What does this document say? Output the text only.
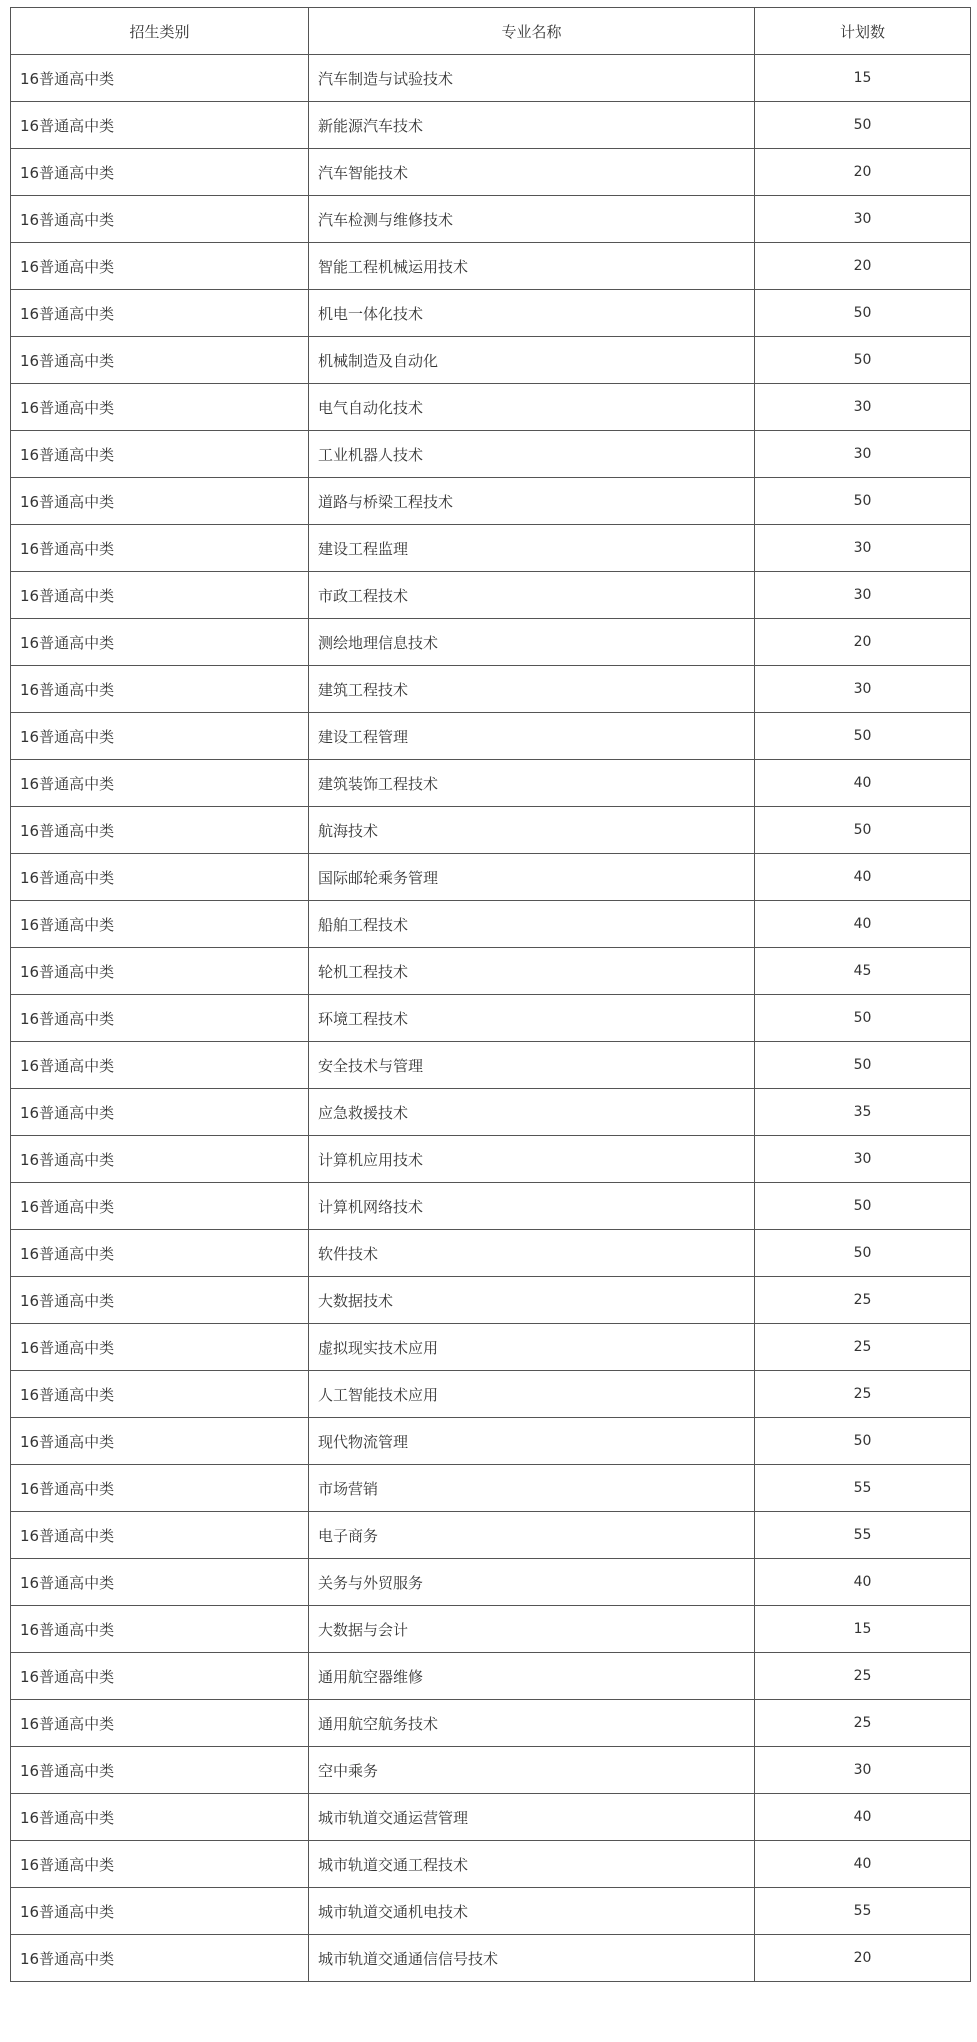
招生类别	专业名称	计划数
16普通高中类	汽车制造与试验技术	15
16普通高中类	新能源汽车技术	50
16普通高中类	汽车智能技术	20
16普通高中类	汽车检测与维修技术	30
16普通高中类	智能工程机械运用技术	20
16普通高中类	机电一体化技术	50
16普通高中类	机械制造及自动化	50
16普通高中类	电气自动化技术	30
16普通高中类	工业机器人技术	30
16普通高中类	道路与桥梁工程技术	50
16普通高中类	建设工程监理	30
16普通高中类	市政工程技术	30
16普通高中类	测绘地理信息技术	20
16普通高中类	建筑工程技术	30
16普通高中类	建设工程管理	50
16普通高中类	建筑装饰工程技术	40
16普通高中类	航海技术	50
16普通高中类	国际邮轮乘务管理	40
16普通高中类	船舶工程技术	40
16普通高中类	轮机工程技术	45
16普通高中类	环境工程技术	50
16普通高中类	安全技术与管理	50
16普通高中类	应急救援技术	35
16普通高中类	计算机应用技术	30
16普通高中类	计算机网络技术	50
16普通高中类	软件技术	50
16普通高中类	大数据技术	25
16普通高中类	虚拟现实技术应用	25
16普通高中类	人工智能技术应用	25
16普通高中类	现代物流管理	50
16普通高中类	市场营销	55
16普通高中类	电子商务	55
16普通高中类	关务与外贸服务	40
16普通高中类	大数据与会计	15
16普通高中类	通用航空器维修	25
16普通高中类	通用航空航务技术	25
16普通高中类	空中乘务	30
16普通高中类	城市轨道交通运营管理	40
16普通高中类	城市轨道交通工程技术	40
16普通高中类	城市轨道交通机电技术	55
16普通高中类	城市轨道交通通信信号技术	20
